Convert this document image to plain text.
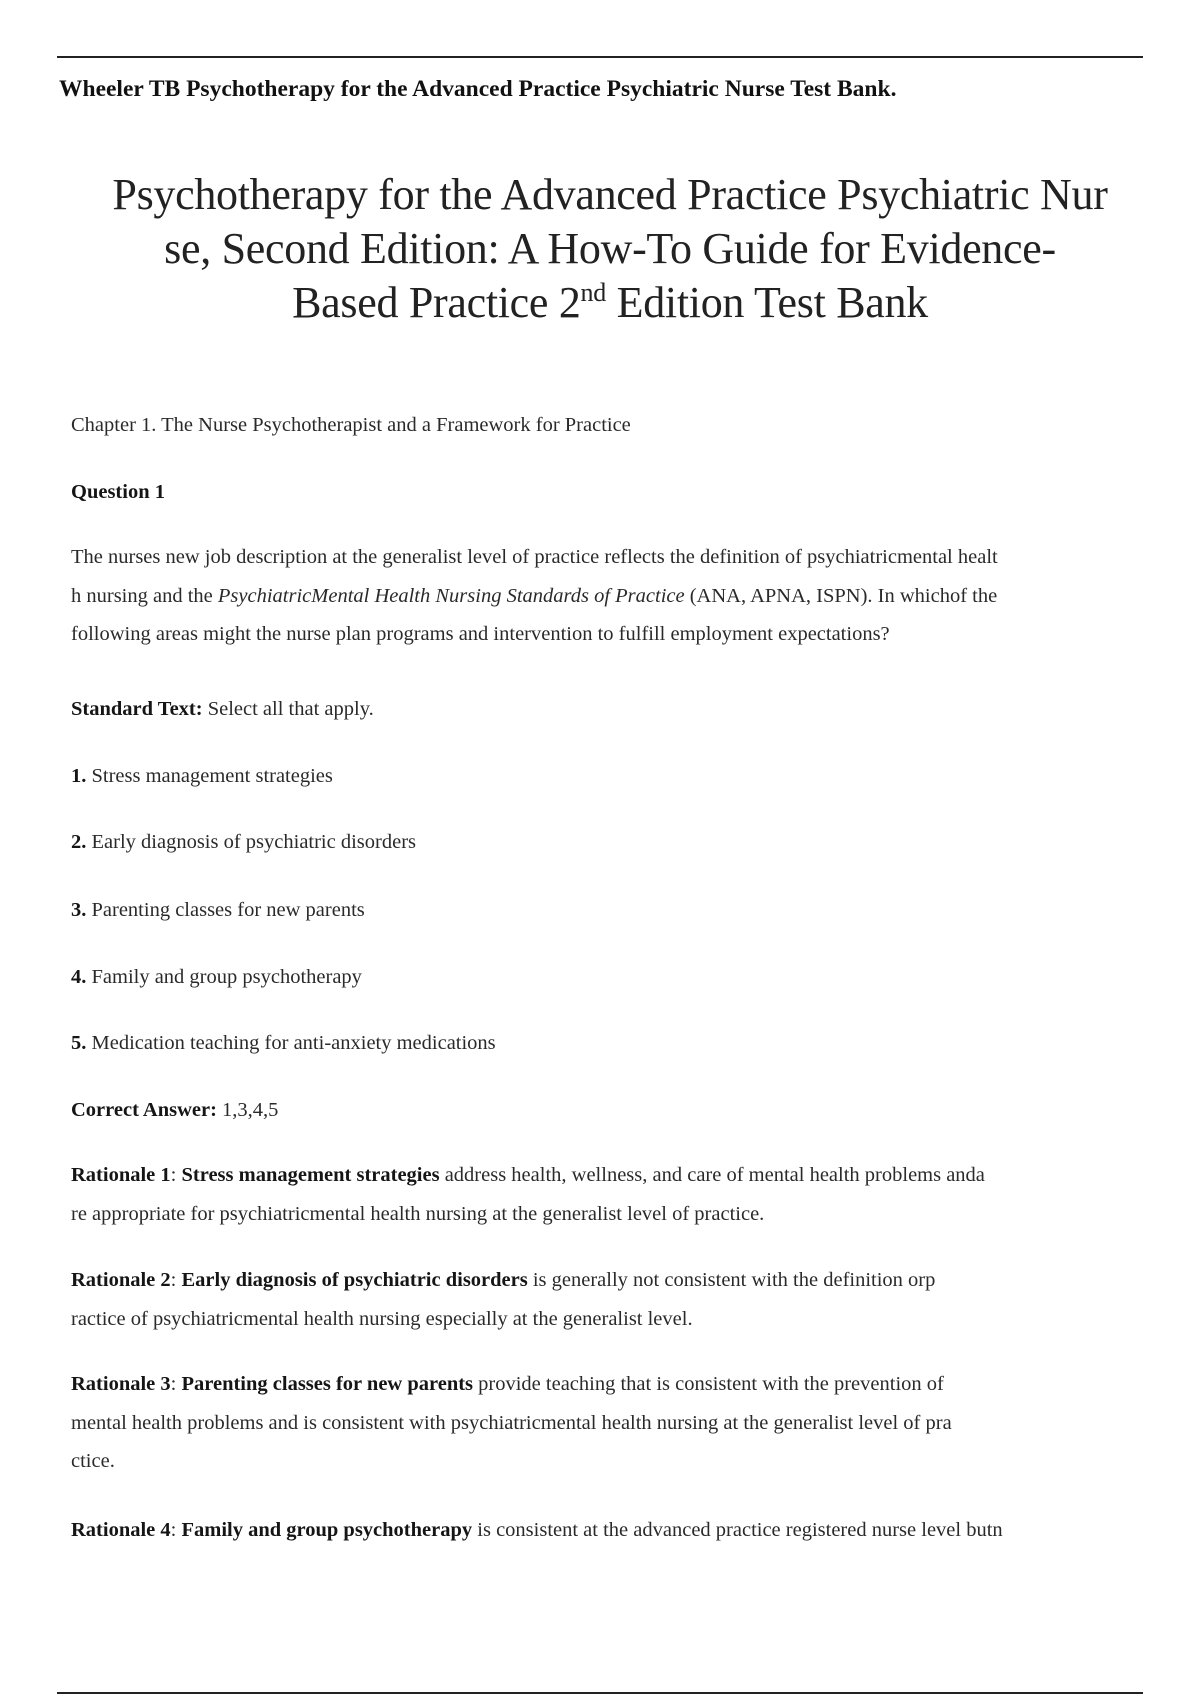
Wheeler TB Psychotherapy for the Advanced Practice Psychiatric Nurse Test Bank.
Psychotherapy for the Advanced Practice Psychiatric Nur
se, Second Edition: A How-To Guide for Evidence-
Based Practice 2nd Edition Test Bank
Chapter 1. The Nurse Psychotherapist and a Framework for Practice
Question 1
The nurses new job description at the generalist level of practice reflects the definition of psychiatricmental healt
h nursing and the PsychiatricMental Health Nursing Standards of Practice (ANA, APNA, ISPN). In whichof the
following areas might the nurse plan programs and intervention to fulfill employment expectations?
Standard Text: Select all that apply.
1. Stress management strategies
2. Early diagnosis of psychiatric disorders
3. Parenting classes for new parents
4. Family and group psychotherapy
5. Medication teaching for anti-anxiety medications
Correct Answer: 1,3,4,5
Rationale 1: Stress management strategies address health, wellness, and care of mental health problems anda
re appropriate for psychiatricmental health nursing at the generalist level of practice.
Rationale 2: Early diagnosis of psychiatric disorders is generally not consistent with the definition orp
ractice of psychiatricmental health nursing especially at the generalist level.
Rationale 3: Parenting classes for new parents provide teaching that is consistent with the prevention of
mental health problems and is consistent with psychiatricmental health nursing at the generalist level of pra
ctice.
Rationale 4: Family and group psychotherapy is consistent at the advanced practice registered nurse level butn
